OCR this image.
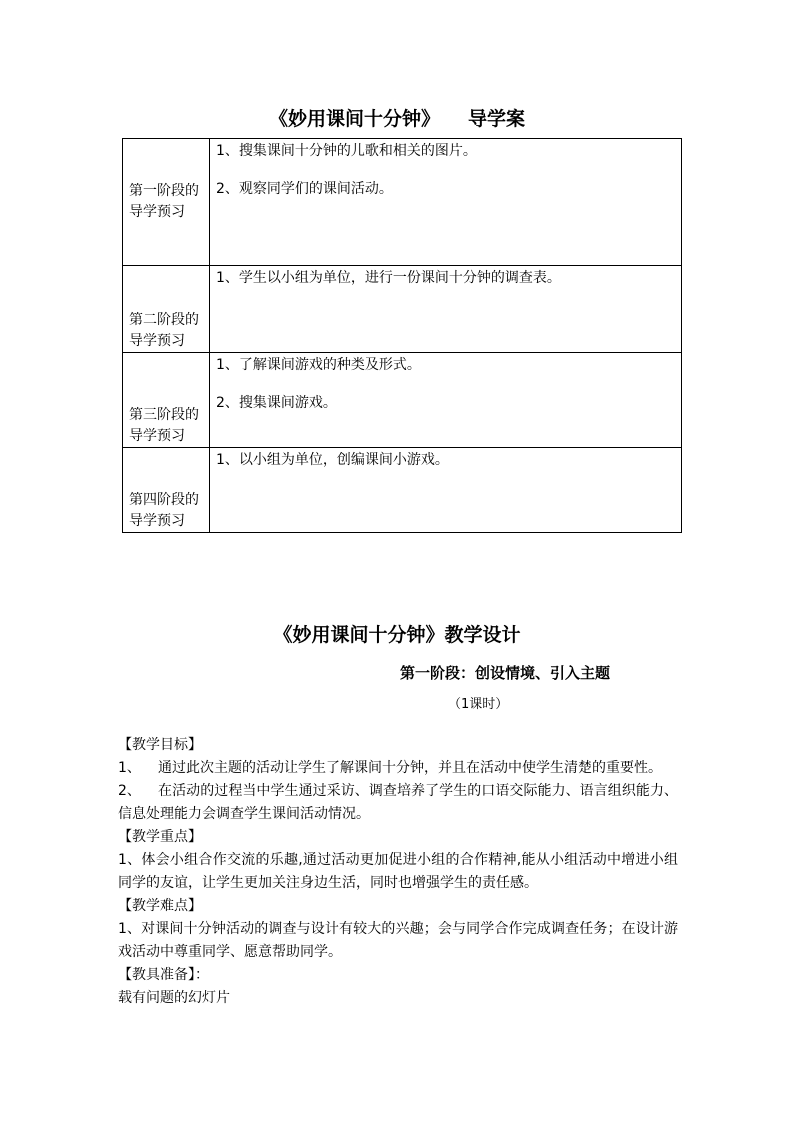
《妙用课间十分钟》 导学案
第一阶段的导学预习	1、搜集课间十分钟的儿歌和相关的图片。

2、观察同学们的课间活动。

第二阶段的导学预习	1、学生以小组为单位，进行一份课间十分钟的调查表。

第三阶段的导学预习	1、了解课间游戏的种类及形式。

2、搜集课间游戏。

第四阶段的导学预习	1、以小组为单位，创编课间小游戏。

《妙用课间十分钟》教学设计
第一阶段：创设情境、引入主题
（1课时）

【教学目标】

1、 通过此次主题的活动让学生了解课间十分钟，并且在活动中使学生清楚的重要性。

2、 在活动的过程当中学生通过采访、调查培养了学生的口语交际能力、语言组织能力、信息处理能力会调查学生课间活动情况。

【教学重点】

1、体会小组合作交流的乐趣,通过活动更加促进小组的合作精神,能从小组活动中增进小组同学的友谊，让学生更加关注身边生活，同时也增强学生的责任感。

【教学难点】

1、对课间十分钟活动的调查与设计有较大的兴趣；会与同学合作完成调查任务；在设计游戏活动中尊重同学、愿意帮助同学。

【教具准备】：

载有问题的幻灯片
